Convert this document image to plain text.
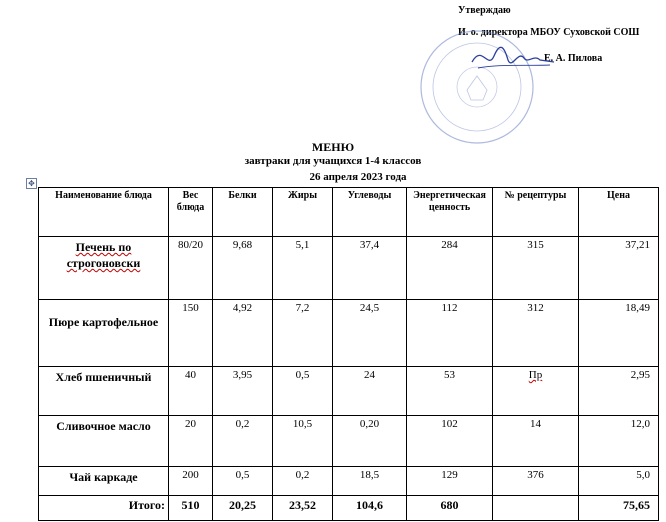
Утверждаю
И. о. директора МБОУ Суховской СОШ
Е. А. Пилова
МЕНЮ
завтраки для учащихся 1-4 классов
26 апреля 2023 года
✥
Наименование блюда	Вес блюда	Белки	Жиры	Углеводы	Энергетическая ценность	№ рецептуры	Цена
Печень по строгоновски	80/20	9,68	5,1	37,4	284	315	37,21
Пюре картофельное	150	4,92	7,2	24,5	112	312	18,49
Хлеб пшеничный	40	3,95	0,5	24	53	Пр	2,95
Сливочное масло	20	0,2	10,5	0,20	102	14	12,0
Чай каркаде	200	0,5	0,2	18,5	129	376	5,0
Итого:	510	20,25	23,52	104,6	680		75,65
